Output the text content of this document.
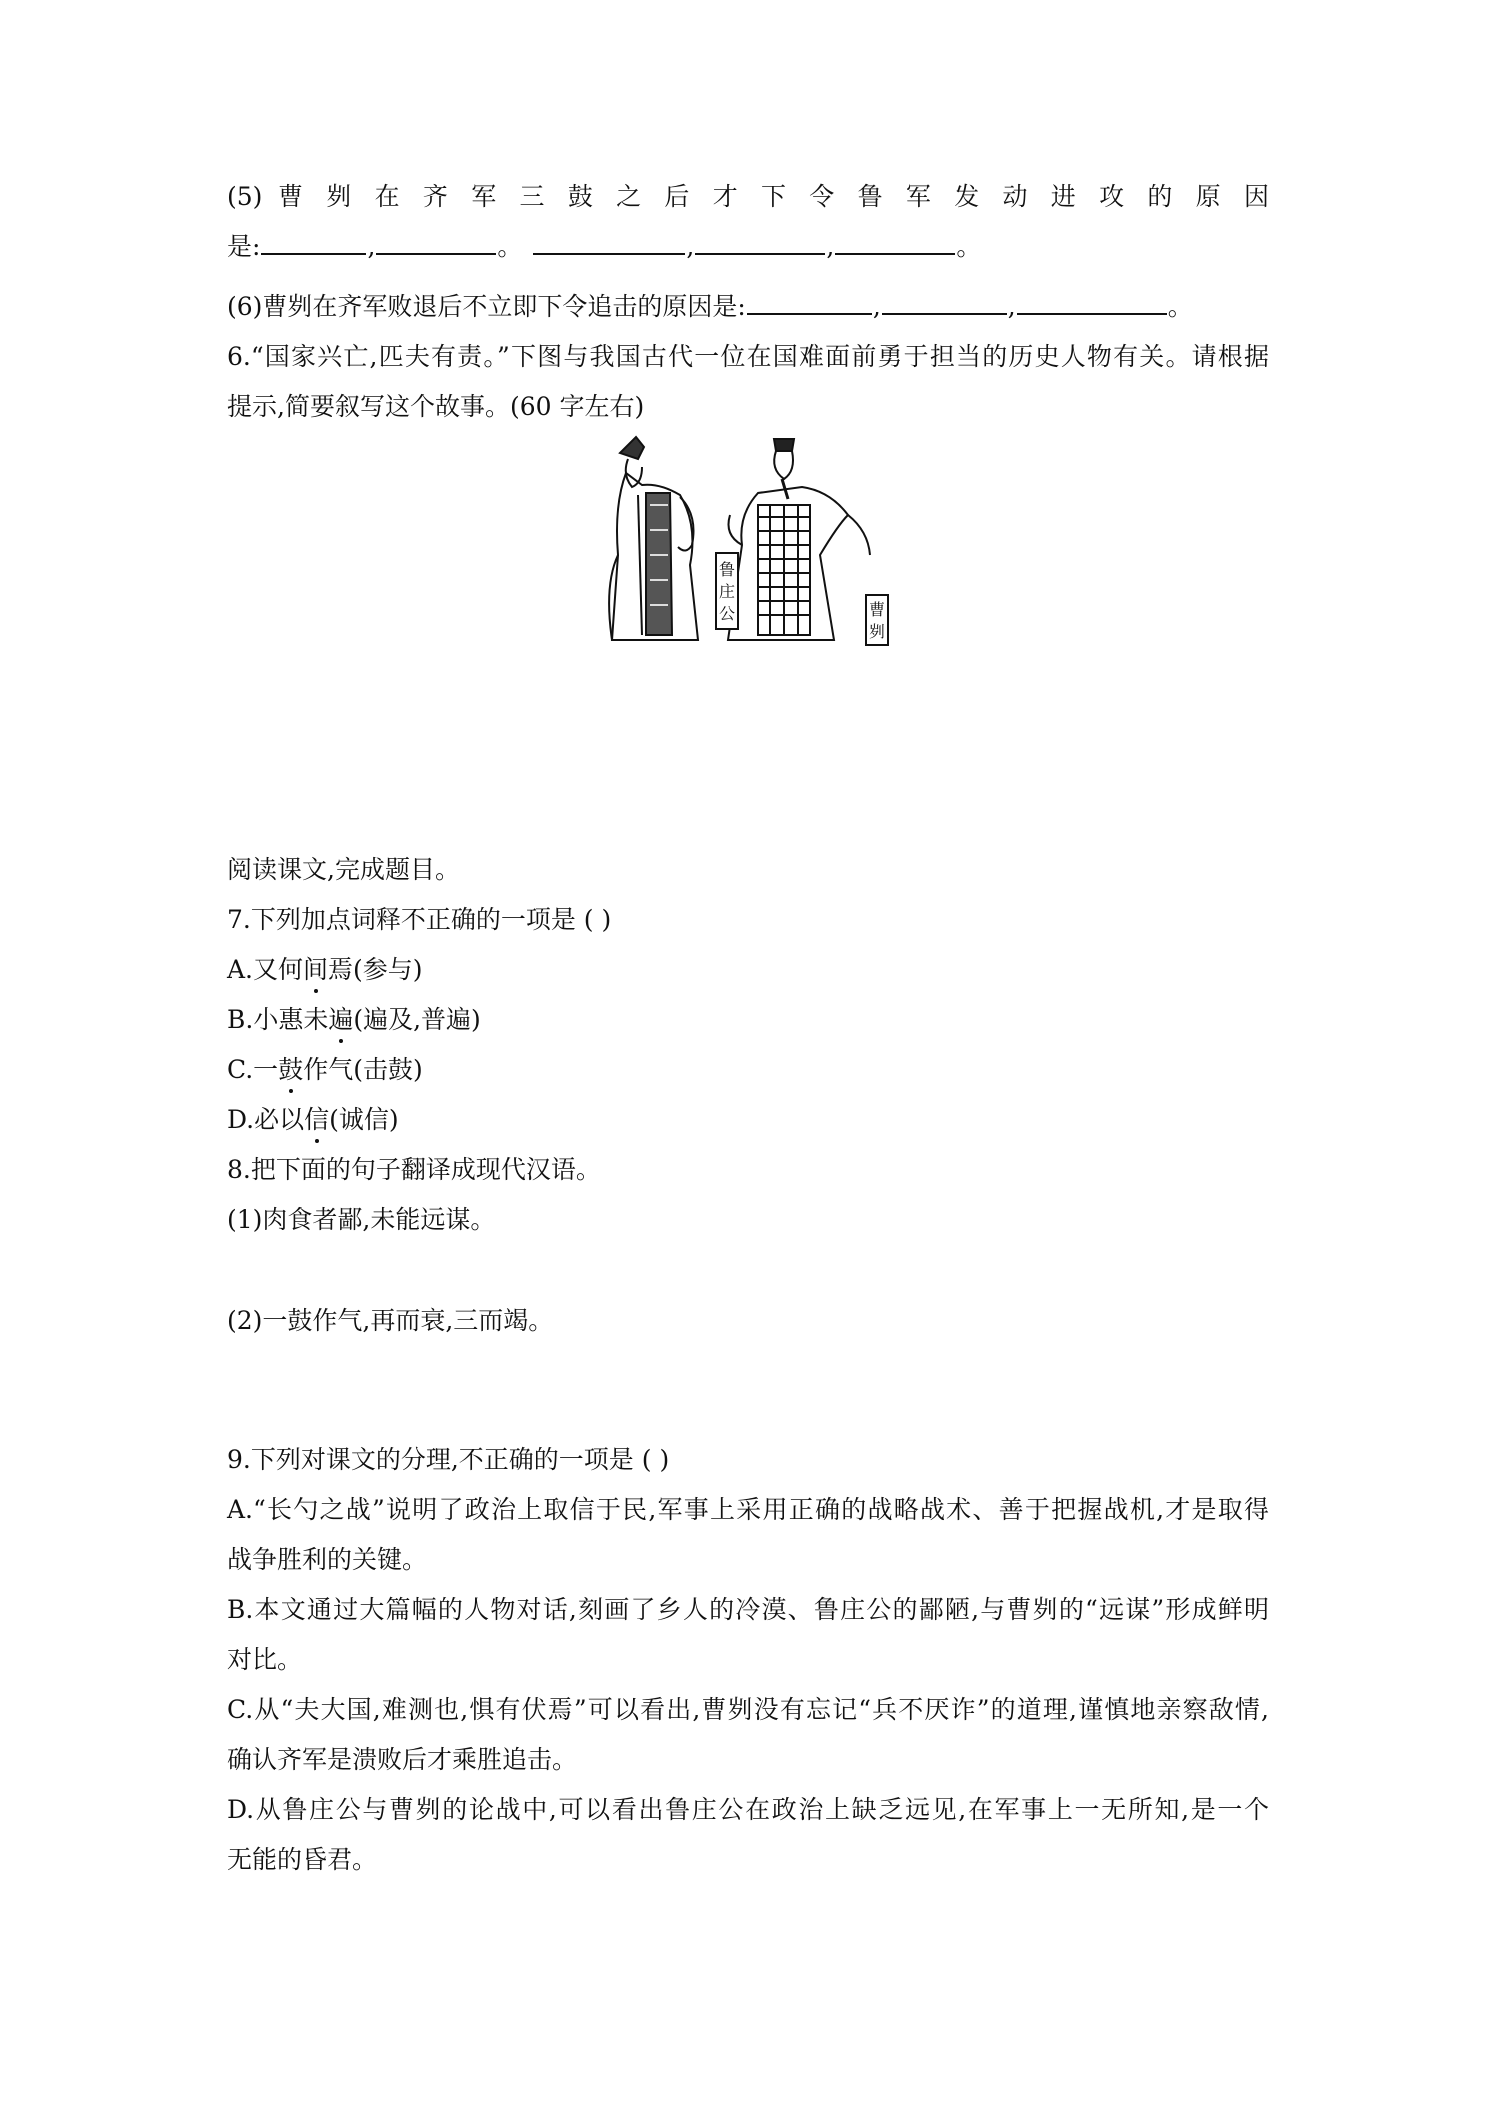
(5) 曹 刿 在 齐 军 三 鼓 之 后 才 下 令 鲁 军 发 动 进 攻 的 原 因
是:	,	。	,	,	。
(6)曹刿在齐军败退后不立即下令追击的原因是:	,	,	。
6.“国家兴亡,匹夫有责。”下图与我国古代一位在国难面前勇于担当的历史人物有关。请根据
提示,简要叙写这个故事。(60 字左右)
鲁庄公	曹刿
阅读课文,完成题目。
7.下列加点词释不正确的一项是 ( )
A.又何间焉(参与)
B.小惠未遍(遍及,普遍)
C.一鼓作气(击鼓)
D.必以信(诚信)
8.把下面的句子翻译成现代汉语。
(1)肉食者鄙,未能远谋。
(2)一鼓作气,再而衰,三而竭。
9.下列对课文的分理,不正确的一项是 ( )
A.“长勺之战”说明了政治上取信于民,军事上采用正确的战略战术、善于把握战机,才是取得
战争胜利的关键。
B.本文通过大篇幅的人物对话,刻画了乡人的冷漠、鲁庄公的鄙陋,与曹刿的“远谋”形成鲜明
对比。
C.从“夫大国,难测也,惧有伏焉”可以看出,曹刿没有忘记“兵不厌诈”的道理,谨慎地亲察敌情,
确认齐军是溃败后才乘胜追击。
D.从鲁庄公与曹刿的论战中,可以看出鲁庄公在政治上缺乏远见,在军事上一无所知,是一个
无能的昏君。
